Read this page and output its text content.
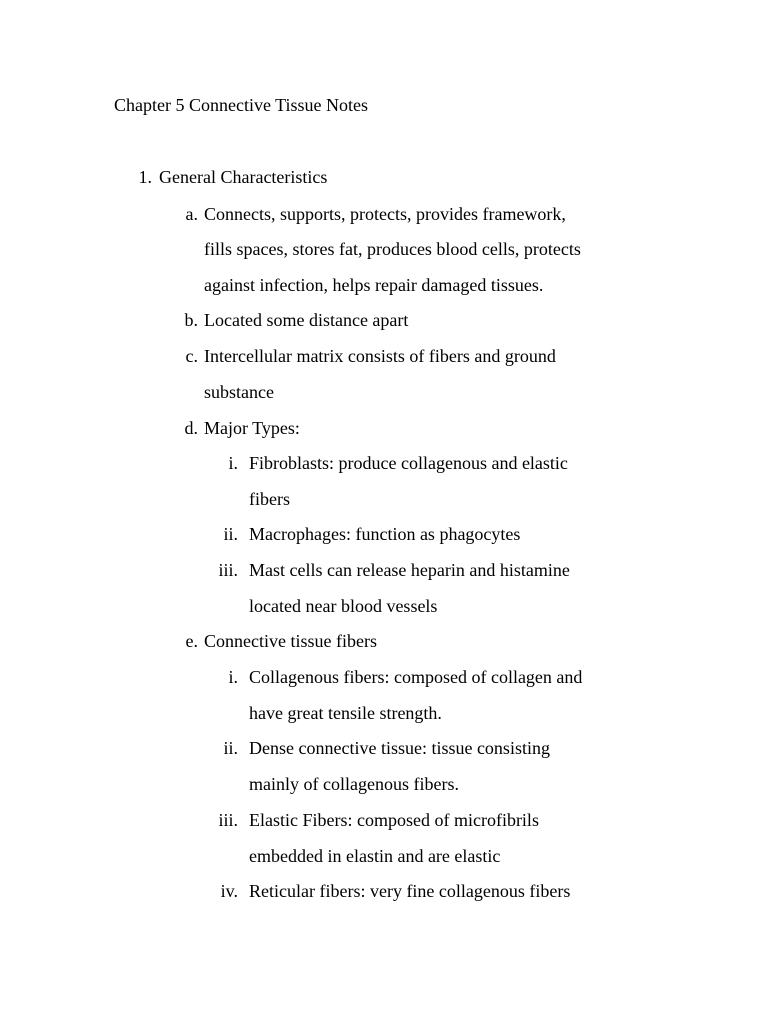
Chapter 5 Connective Tissue Notes
1. General Characteristics
a. Connects, supports, protects, provides framework,
fills spaces, stores fat, produces blood cells, protects
against infection, helps repair damaged tissues.
b. Located some distance apart
c. Intercellular matrix consists of fibers and ground
substance
d. Major Types:
i. Fibroblasts: produce collagenous and elastic
fibers
ii. Macrophages: function as phagocytes
iii. Mast cells can release heparin and histamine
located near blood vessels
e. Connective tissue fibers
i. Collagenous fibers: composed of collagen and
have great tensile strength.
ii. Dense connective tissue: tissue consisting
mainly of collagenous fibers.
iii. Elastic Fibers: composed of microfibrils
embedded in elastin and are elastic
iv. Reticular fibers: very fine collagenous fibers
